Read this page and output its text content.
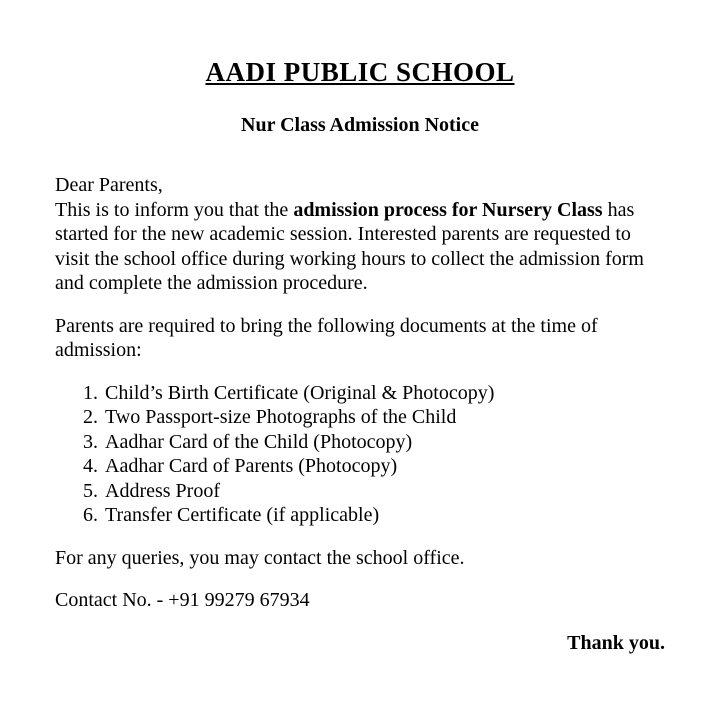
AADI PUBLIC SCHOOL
Nur Class Admission Notice

Dear Parents,
This is to inform you that the admission process for Nursery Class has started for the new academic session. Interested parents are requested to visit the school office during working hours to collect the admission form and complete the admission procedure.

Parents are required to bring the following documents at the time of admission:

1. Child’s Birth Certificate (Original & Photocopy)
2. Two Passport-size Photographs of the Child
3. Aadhar Card of the Child (Photocopy)
4. Aadhar Card of Parents (Photocopy)
5. Address Proof
6. Transfer Certificate (if applicable)

For any queries, you may contact the school office.

Contact No. - +91 99279 67934

Thank you.
